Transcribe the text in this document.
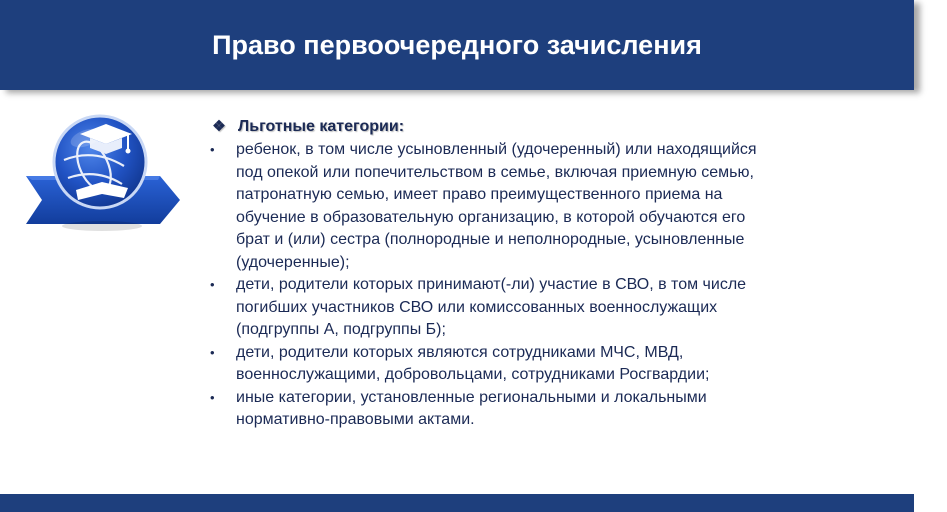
Право первоочередного зачисления
❖ Льготные категории:
• ребенок, в том числе усыновленный (удочеренный) или находящийся
под опекой или попечительством в семье, включая приемную семью,
патронатную семью, имеет право преимущественного приема на
обучение в образовательную организацию, в которой обучаются его
брат и (или) сестра (полнородные и неполнородные, усыновленные
(удочеренные);
• дети, родители которых принимают(-ли) участие в СВО, в том числе
погибших участников СВО или комиссованных военнослужащих
(подгруппы А, подгруппы Б);
• дети, родители которых являются сотрудниками МЧС, МВД,
военнослужащими, добровольцами, сотрудниками Росгвардии;
• иные категории, установленные региональными и локальными
нормативно-правовыми актами.
